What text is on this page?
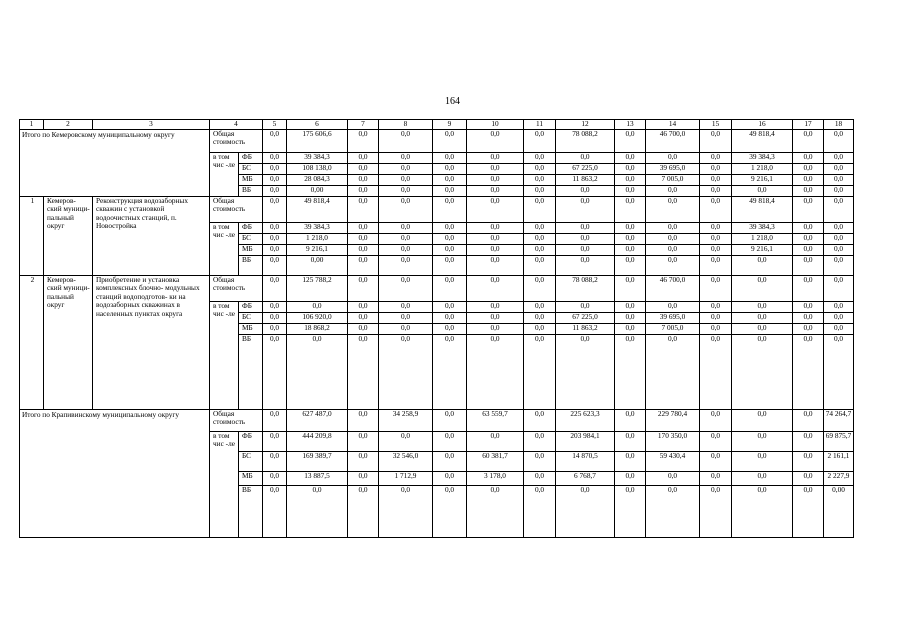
164
1	2	3	4		5	6	7	8	9	10	11	12	13	14	15	16	17	18
Итого по Кемеровскому муниципальному округу			Общая стоимость		0,0	175 606,6	0,0	0,0	0,0	0,0	0,0	78 088,2	0,0	46 700,0	0,0	49 818,4	0,0	0,0
			в том чис -ле	ФБ	0,0	39 384,3	0,0	0,0	0,0	0,0	0,0	0,0	0,0	0,0	0,0	39 384,3	0,0	0,0
				БС	0,0	108 138,0	0,0	0,0	0,0	0,0	0,0	67 225,0	0,0	39 695,0	0,0	1 218,0	0,0	0,0
				МБ	0,0	28 084,3	0,0	0,0	0,0	0,0	0,0	11 863,2	0,0	7 005,0	0,0	9 216,1	0,0	0,0
				ВБ	0,0	0,00	0,0	0,0	0,0	0,0	0,0	0,0	0,0	0,0	0,0	0,0	0,0	0,0
1	Кемеров- ский муници- пальный округ	Реконструкция водозаборных скважин с установкой водоочистных станций, п. Новостройка	Общая стоимость		0,0	49 818,4	0,0	0,0	0,0	0,0	0,0	0,0	0,0	0,0	0,0	49 818,4	0,0	0,0
			в том чис -ле	ФБ	0,0	39 384,3	0,0	0,0	0,0	0,0	0,0	0,0	0,0	0,0	0,0	39 384,3	0,0	0,0
				БС	0,0	1 218,0	0,0	0,0	0,0	0,0	0,0	0,0	0,0	0,0	0,0	1 218,0	0,0	0,0
				МБ	0,0	9 216,1	0,0	0,0	0,0	0,0	0,0	0,0	0,0	0,0	0,0	9 216,1	0,0	0,0
				ВБ	0,0	0,00	0,0	0,0	0,0	0,0	0,0	0,0	0,0	0,0	0,0	0,0	0,0	0,0
2	Кемеров- ский муници- пальный округ	Приобретение и установка комплексных блочно- модульных станций водоподготов- ки на водозаборных скважинах в населенных пунктах округа	Общая стоимость		0,0	125 788,2	0,0	0,0	0,0	0,0	0,0	78 088,2	0,0	46 700,0	0,0	0,0	0,0	0,0
			в том чис -ле	ФБ	0,0	0,0	0,0	0,0	0,0	0,0	0,0	0,0	0,0	0,0	0,0	0,0	0,0	0,0
				БС	0,0	106 920,0	0,0	0,0	0,0	0,0	0,0	67 225,0	0,0	39 695,0	0,0	0,0	0,0	0,0
				МБ	0,0	18 868,2	0,0	0,0	0,0	0,0	0,0	11 863,2	0,0	7 005,0	0,0	0,0	0,0	0,0
				ВБ	0,0	0,0	0,0	0,0	0,0	0,0	0,0	0,0	0,0	0,0	0,0	0,0	0,0	0,0
Итого по Крапивинскому муниципальному округу			Общая стоимость		0,0	627 487,0	0,0	34 258,9	0,0	63 559,7	0,0	225 623,3	0,0	229 780,4	0,0	0,0	0,0	74 264,7
			в том чис -ле	ФБ	0,0	444 209,8	0,0	0,0	0,0	0,0	0,0	203 984,1	0,0	170 350,0	0,0	0,0	0,0	69 875,7
				БС	0,0	169 389,7	0,0	32 546,0	0,0	60 381,7	0,0	14 870,5	0,0	59 430,4	0,0	0,0	0,0	2 161,1
				МБ	0,0	13 887,5	0,0	1 712,9	0,0	3 178,0	0,0	6 768,7	0,0	0,0	0,0	0,0	0,0	2 227,9
				ВБ	0,0	0,0	0,0	0,0	0,0	0,0	0,0	0,0	0,0	0,0	0,0	0,0	0,0	0,00
